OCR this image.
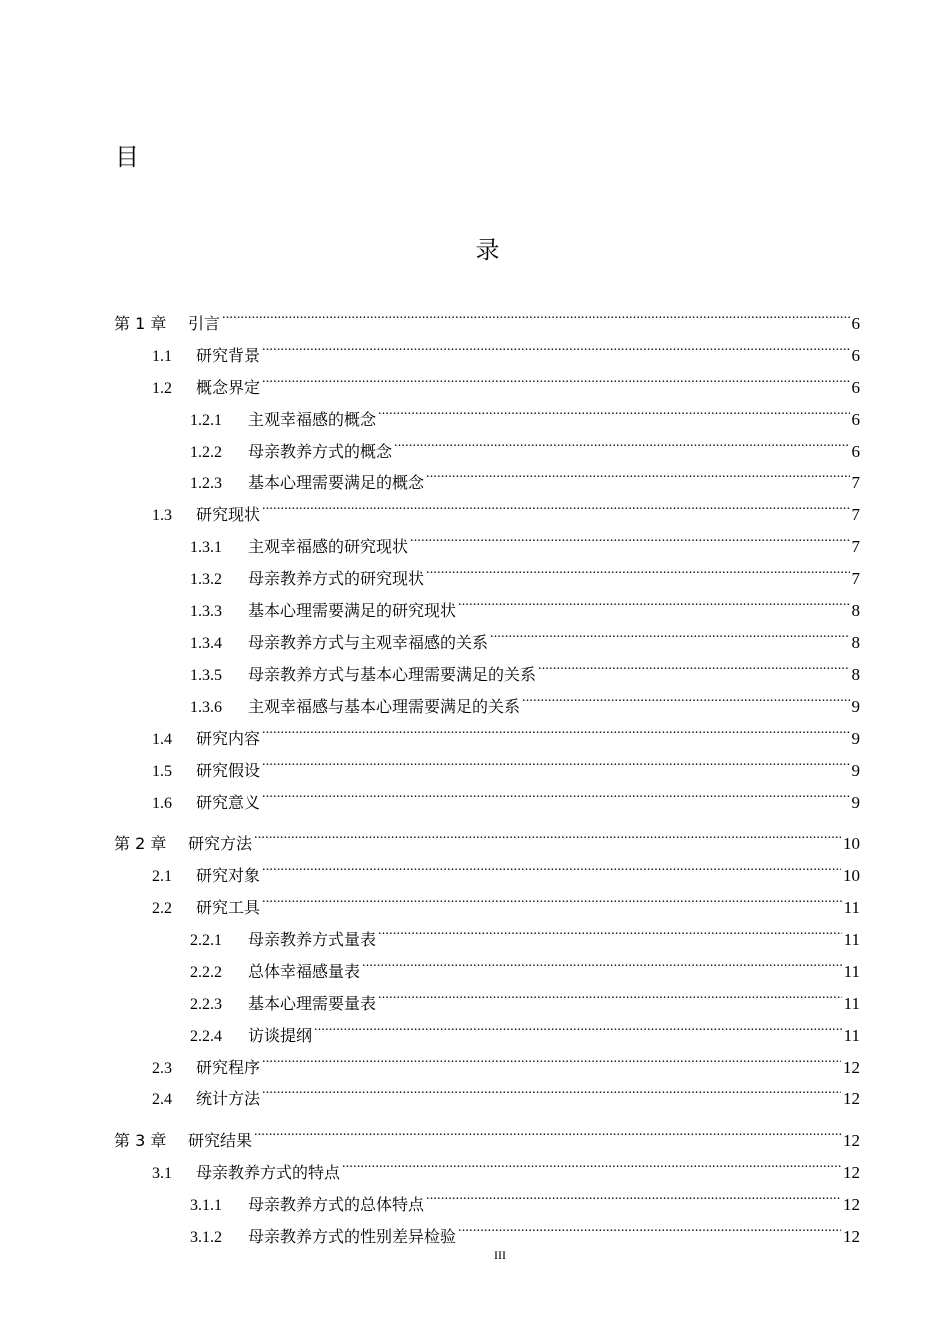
目
录
第 1 章	引言 .....	6
1.1	研究背景 .....	6
1.2	概念界定 .....	6
1.2.1	主观幸福感的概念 .....	6
1.2.2	母亲教养方式的概念 .....	6
1.2.3	基本心理需要满足的概念 .....	7
1.3	研究现状 .....	7
1.3.1	主观幸福感的研究现状 .....	7
1.3.2	母亲教养方式的研究现状 .....	7
1.3.3	基本心理需要满足的研究现状 .....	8
1.3.4	母亲教养方式与主观幸福感的关系 .....	8
1.3.5	母亲教养方式与基本心理需要满足的关系 .....	8
1.3.6	主观幸福感与基本心理需要满足的关系 .....	9
1.4	研究内容 .....	9
1.5	研究假设 .....	9
1.6	研究意义 .....	9
第 2 章	研究方法 .....	10
2.1	研究对象 .....	10
2.2	研究工具 .....	11
2.2.1	母亲教养方式量表 .....	11
2.2.2	总体幸福感量表 .....	11
2.2.3	基本心理需要量表 .....	11
2.2.4	访谈提纲 .....	11
2.3	研究程序 .....	12
2.4	统计方法 .....	12
第 3 章	研究结果 .....	12
3.1	母亲教养方式的特点 .....	12
3.1.1	母亲教养方式的总体特点 .....	12
3.1.2	母亲教养方式的性别差异检验 .....	12
III
